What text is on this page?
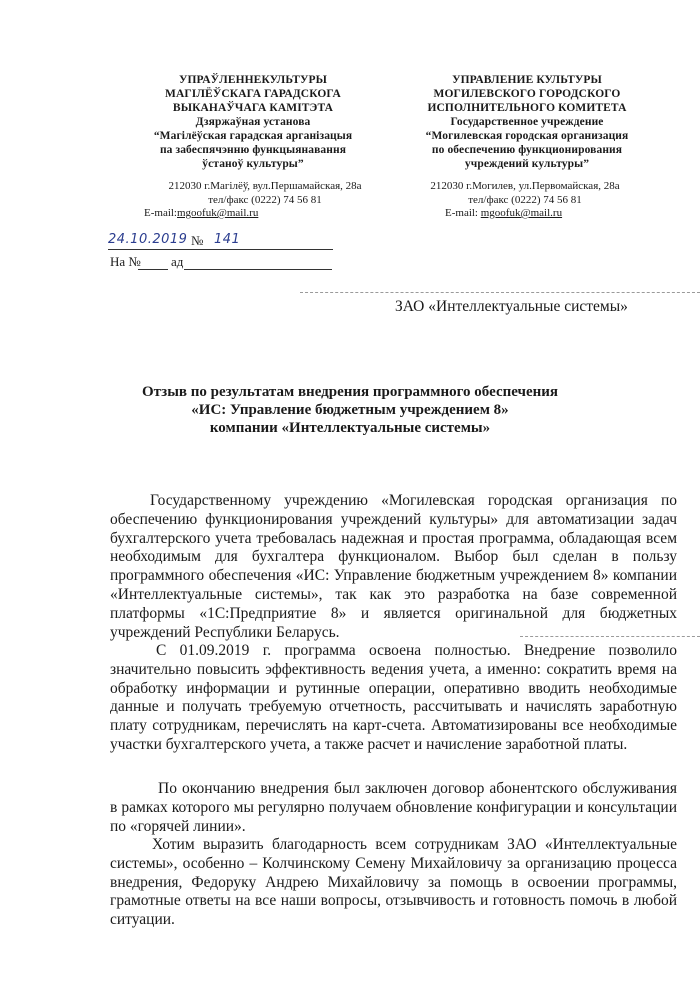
УПРАЎЛЕННЕКУЛЬТУРЫ
МАГІЛЁЎСКАГА ГАРАДСКОГА
ВЫКАНАЎЧАГА КАМІТЭТА
Дзяржаўная установа
“Магілёўская гарадская арганізацыя
па забеспячэнню функцыянавання
ўстаноў культуры”
212030 г.Магілёў, вул.Першамайская, 28а
тел/факс (0222) 74 56 81
E-mail:mgoofuk@mail.ru
УПРАВЛЕНИЕ КУЛЬТУРЫ
МОГИЛЕВСКОГО ГОРОДСКОГО
ИСПОЛНИТЕЛЬНОГО КОМИТЕТА
Государственное учреждение
“Могилевская городская организация
по обеспечению функционирования
учреждений культуры”
212030 г.Могилев, ул.Первомайская, 28а
тел/факс (0222) 74 56 81
E-mail: mgoofuk@mail.ru
24.10.2019 № 141
На № ад
ЗАО «Интеллектуальные системы»
Отзыв по результатам внедрения программного обеспечения
«ИС: Управление бюджетным учреждением 8»
компании «Интеллектуальные системы»
Государственному учреждению «Могилевская городская организация по обеспечению функционирования учреждений культуры» для автоматизации задач бухгалтерского учета требовалась надежная и простая программа, обладающая всем необходимым для бухгалтера функционалом. Выбор был сделан в пользу программного обеспечения «ИС: Управление бюджетным учреждением 8» компании «Интеллектуальные системы», так как это разработка на базе современной платформы «1С:Предприятие 8» и является оригинальной для бюджетных учреждений Республики Беларусь.
С 01.09.2019 г. программа освоена полностью. Внедрение позволило значительно повысить эффективность ведения учета, а именно: сократить время на обработку информации и рутинные операции, оперативно вводить необходимые данные и получать требуемую отчетность, рассчитывать и начислять заработную плату сотрудникам, перечислять на карт-счета. Автоматизированы все необходимые участки бухгалтерского учета, а также расчет и начисление заработной платы.
По окончанию внедрения был заключен договор абонентского обслуживания в рамках которого мы регулярно получаем обновление конфигурации и консультации по «горячей линии».
Хотим выразить благодарность всем сотрудникам ЗАО «Интеллектуальные системы», особенно – Колчинскому Семену Михайловичу за организацию процесса внедрения, Федоруку Андрею Михайловичу за помощь в освоении программы, грамотные ответы на все наши вопросы, отзывчивость и готовность помочь в любой ситуации.
